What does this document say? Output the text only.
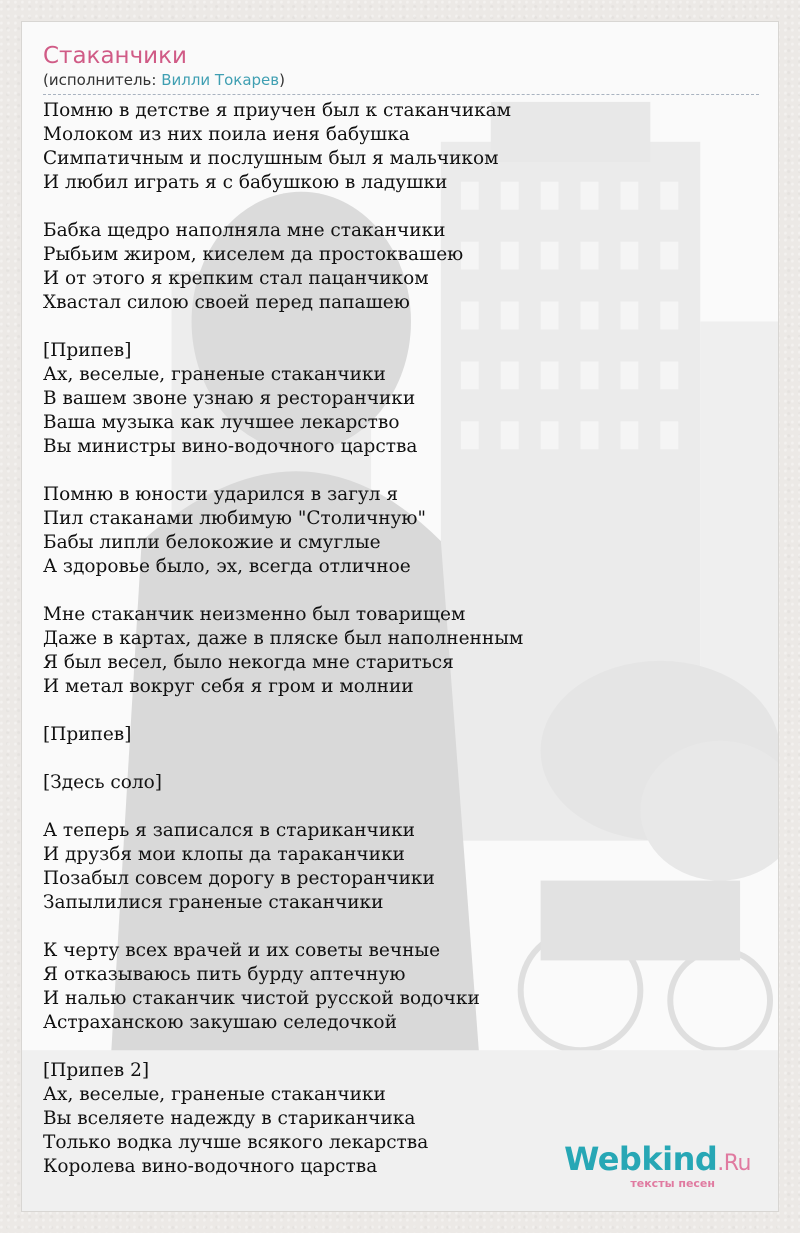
Стаканчики
(исполнитель: Вилли Токарев)
Помню в детстве я приучен был к стаканчикам
Молоком из них поила иеня бабушка
Симпатичным и послушным был я мальчиком
И любил играть я с бабушкою в ладушки
Бабка щедро наполняла мне стаканчики
Рыбьим жиром, киселем да простоквашею
И от этого я крепким стал пацанчиком
Хвастал силою своей перед папашею
[Припев]
Ах, веселые, граненые стаканчики
В вашем звоне узнаю я ресторанчики
Ваша музыка как лучшее лекарство
Вы министры вино-водочного царства
Помню в юности ударился в загул я
Пил стаканами любимую "Столичную"
Бабы липли белокожие и смуглые
А здоровье было, эх, всегда отличное
Мне стаканчик неизменно был товарищем
Даже в картах, даже в пляске был наполненным
Я был весел, было некогда мне стариться
И метал вокруг себя я гром и молнии
[Припев]
[Здесь соло]
А теперь я записался в стариканчики
И друзбя мои клопы да тараканчики
Позабыл совсем дорогу в ресторанчики
Запылилися граненые стаканчики
К черту всех врачей и их советы вечные
Я отказываюсь пить бурду аптечную
И налью стаканчик чистой русской водочки
Астраханскою закушаю селедочкой
[Припев 2]
Ах, веселые, граненые стаканчики
Вы вселяете надежду в стариканчика
Только водка лучше всякого лекарства
Королева вино-водочного царства	Webkind.Ru
тексты песен
